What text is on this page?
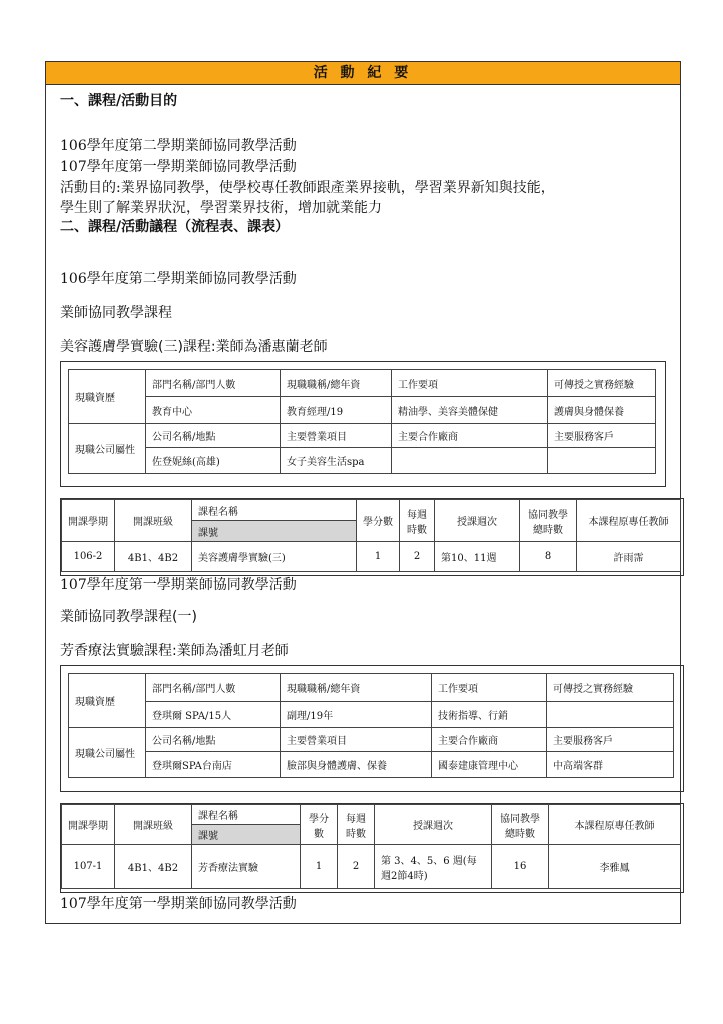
活 動 紀 要
一、課程/活動目的
106學年度第二學期業師協同教學活動
107學年度第一學期業師協同教學活動
活動目的:業界協同教學，使學校專任教師跟產業界接軌，學習業界新知與技能，
學生則了解業界狀況，學習業界技術，增加就業能力
二、課程/活動議程（流程表、課表）
106學年度第二學期業師協同教學活動
業師協同教學課程
美容護膚學實驗(三)課程:業師為潘惠蘭老師
現職資歷	部門名稱/部門人數	現職職稱/總年資	工作要項	可傳授之實務經驗
	教育中心	教育經理/19	精油學、美容美體保健	護膚與身體保養
現職公司屬性	公司名稱/地點	主要營業項目	主要合作廠商	主要服務客戶
	佐登妮絲(高雄)	女子美容生活spa		
開課學期	開課班級	課程名稱	學分數	每週時數	授課週次	協同教學總時數	本課程原專任教師
		課號					
106-2	4B1、4B2	美容護膚學實驗(三)	1	2	第10、11週	8	許雨霈
107學年度第一學期業師協同教學活動
業師協同教學課程(一)
芳香療法實驗課程:業師為潘虹月老師
現職資歷	部門名稱/部門人數	現職職稱/總年資	工作要項	可傳授之實務經驗
	登琪爾 SPA/15人	副理/19年	技術指導、行銷	
現職公司屬性	公司名稱/地點	主要營業項目	主要合作廠商	主要服務客戶
	登琪爾SPA台南店	臉部與身體護膚、保養	國泰建康管理中心	中高端客群
開課學期	開課班級	課程名稱	學分數	每週時數	授課週次	協同教學總時數	本課程原專任教師
		課號					
107-1	4B1、4B2	芳香療法實驗	1	2	第 3、4、5、6 週(每週2節4時)	16	李雅鳳
107學年度第一學期業師協同教學活動
